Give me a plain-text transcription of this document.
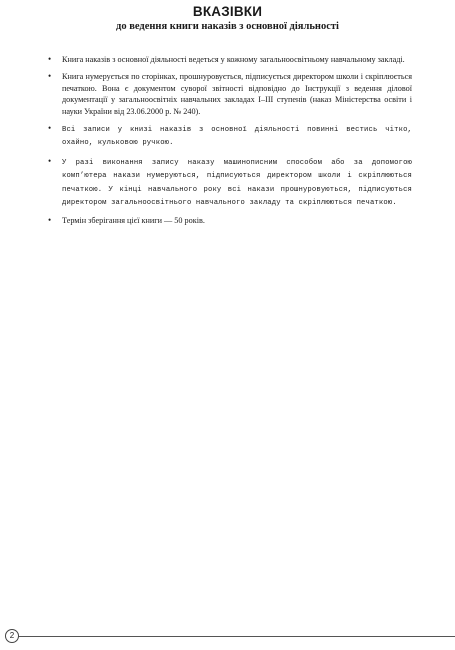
ВКАЗІВКИ
до ведення книги наказів з основної діяльності
• Книга наказів з основної діяльності ведеться у кожному загальноосвітньому навчальному закладі.
• Книга нумерується по сторінках, прошнуровується, підписується директором школи і скріплюється печаткою. Вона є документом суворої звітності відповідно до Інструкції з ведення ділової документації у загальноосвітніх навчальних закладах І–ІІІ ступенів (наказ Міністерства освіти і науки України від 23.06.2000 р. № 240).
• Всі записи у книзі наказів з основної діяльності повинні вестись чітко, охайно, кульковою ручкою.
• У разі виконання запису наказу машинописним способом або за допомогою комп’ютера накази нумеруються, підписуються директором школи і скріплюються печаткою. У кінці навчального року всі накази прошнуровуються, підписуються директором загальноосвітнього навчального закладу та скріплюються печаткою.
• Термін зберігання цієї книги — 50 років.
2
